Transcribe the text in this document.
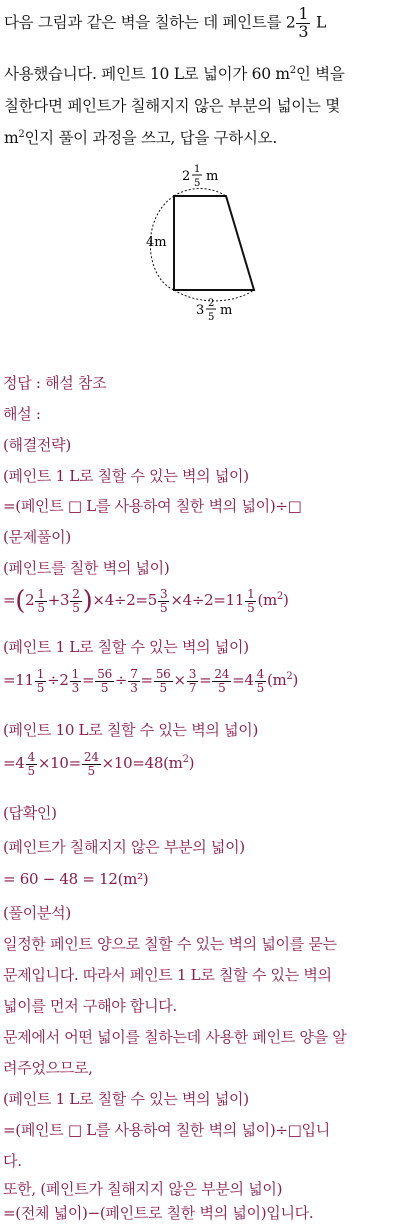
다음 그림과 같은 벽을 칠하는 데 페인트를 $2 \frac{1}{3}$ L
사용했습니다. 페인트 10 L로 넓이가 60 $m^2$인 벽을
칠한다면 페인트가 칠해지지 않은 부분의 넓이는 몇
$m^2$인지 풀이 과정을 쓰고, 답을 구하시오.
2 1
5 m
4m
3 2
5 m
정답 : 해설 참조
해설 :
(해결전략)
(페인트 1 L로 칠할 수 있는 벽의 넓이)
=(페인트 □ L를 사용하여 칠한 벽의 넓이)÷□
(문제풀이)
(페인트를 칠한 벽의 넓이)
$=(2 \frac{1}{5} +3 \frac{2}{5} )\times 4\div 2=5 \frac{3}{5} \times 4\div 2=11 \frac{1}{5} (m^2)$
(페인트 1 L로 칠할 수 있는 벽의 넓이)
$=11 \frac{1}{5} \div 2 \frac{1}{3} = \frac{56}{5} \div \frac{7}{3} = \frac{56}{5} \times \frac{3}{7} = \frac{24}{5} =4 \frac{4}{5} (m^2)$
(페인트 10 L로 칠할 수 있는 벽의 넓이)
$=4 \frac{4}{5} \times 10= \frac{24}{5} \times 10=48(m^2)$
(답확인)
(페인트가 칠해지지 않은 부분의 넓이)
= 60 − 48 = 12(m²)
(풀이분석)
일정한 페인트 양으로 칠할 수 있는 벽의 넓이를 묻는
문제입니다. 따라서 페인트 1 L로 칠할 수 있는 벽의
넓이를 먼저 구해야 합니다.
문제에서 어떤 넓이를 칠하는데 사용한 페인트 양을 알
려주었으므로,
(페인트 1 L로 칠할 수 있는 벽의 넓이)
=(페인트 □ L를 사용하여 칠한 벽의 넓이)÷□입니
다.
또한, (페인트가 칠해지지 않은 부분의 넓이)
=(전체 넓이)−(페인트로 칠한 벽의 넓이)입니다.
